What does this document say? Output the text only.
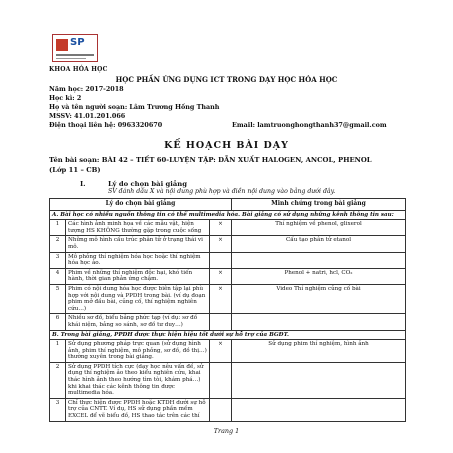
SP
KHOA HÓA HỌC
HỌC PHẦN ỨNG DỤNG ICT TRONG DẠY HỌC HÓA HỌC
Năm học: 2017-2018
Học kì: 2
Họ và tên người soạn: Lâm Trương Hồng Thanh
MSSV: 41.01.201.066
Điện thoại liên hệ: 0963320670	Email: lamtruonghongthanh37@gmail.com
KẾ HOẠCH BÀI DẠY
Tên bài soạn: BÀI 42 – TIẾT 60-LUYỆN TẬP: DẪN XUẤT HALOGEN, ANCOL, PHENOL
(Lớp 11 – CB)
I.	Lý do chọn bài giảng
SV đánh dấu X và nội dung phù hợp và điền nội dung vào bảng dưới đây.
Lý do chọn bài giảng			Minh chứng trong bài giảng
A. Bài học có nhiều nguồn thông tin có thể multimedia hóa. Bài giảng có sử dụng những kênh thông tin sau:			
1	Các hình ảnh minh họa về các mẫu vật, hiện tượng HS KHÔNG thường gặp trong cuộc sống	×	Thí nghiệm về phenol, glixerol
2	Những mô hình cấu trúc phân tử ở trạng thái vi mô.	×	Cấu tạo phân tử etanol
3	Mô phỏng thí nghiệm hóa học hoặc thí nghiệm hóa học ảo.		
4	Phim về những thí nghiệm độc hại, khó tiến hành, thời gian phản ứng chậm.	×	Phenol + natri, hcl, CO₂
5	Phim có nội dung hóa học được biên tập lại phù hợp với nội dung và PPDH trong bài. (ví dụ đoạn phim mở đầu bài, củng cố, thí nghiệm nghiên cứu…)	×	Video Thí nghiệm củng cố bài
6	Nhiều sơ đồ, biểu bảng phức tạp (ví dụ: sơ đồ khái niệm, bảng so sánh, sơ đồ tư duy…)		
B. Trong bài giảng, PPDH được thực hiện hiệu tốt dưới sự hỗ trợ của BGĐT.			
1	Sử dụng phương pháp trực quan (sử dụng hình ảnh, phim thí nghiệm, mô phỏng, sơ đồ, đồ thị…) thường xuyên trong bài giảng.	×	Sử dụng phim thí nghiệm, hình ảnh
2	Sử dụng PPDH tích cực (dạy học nêu vấn đề, sử dụng thí nghiệm ảo theo kiểu nghiên cứu, khai thác hình ảnh theo hướng tìm tòi, khám phá…) khi khai thác các kênh thông tin được multimedia hóa.		
3	Chỉ thực hiện được PPDH hoặc KTDH dưới sự hỗ trợ của CNTT. Ví dụ, HS sử dụng phần mềm EXCEL để vẽ biểu đồ, HS thao tác trên các thí		
Trang 1
